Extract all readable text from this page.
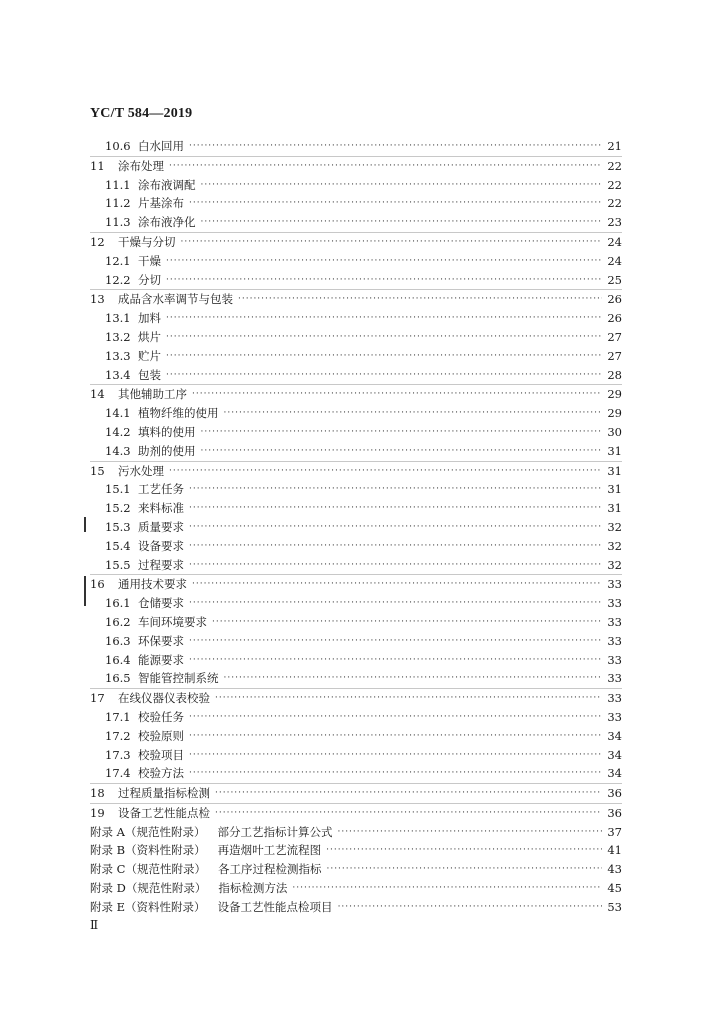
YC/T 584—2019
10.6 白水回用 ·····	21
11	涂布处理 ·····	22
11.1 涂布液调配 ·····	22
11.2 片基涂布 ·····	22
11.3 涂布液净化 ·····	23
12	干燥与分切 ·····	24
12.1 干燥 ·····	24
12.2 分切 ·····	25
13	成品含水率调节与包装 ·····	26
13.1 加料 ·····	26
13.2 烘片 ·····	27
13.3 贮片 ·····	27
13.4 包装 ·····	28
14	其他辅助工序 ·····	29
14.1 植物纤维的使用 ·····	29
14.2 填料的使用 ·····	30
14.3 助剂的使用 ·····	31
15	污水处理 ·····	31
15.1 工艺任务 ·····	31
15.2 来料标准 ·····	31
15.3 质量要求 ·····	32
15.4 设备要求 ·····	32
15.5 过程要求 ·····	32
16	通用技术要求 ·····	33
16.1 仓储要求 ·····	33
16.2 车间环境要求 ·····	33
16.3 环保要求 ·····	33
16.4 能源要求 ·····	33
16.5 智能管控制系统 ·····	33
17	在线仪器仪表校验 ·····	33
17.1 校验任务 ·····	33
17.2 校验原则 ·····	34
17.3 校验项目 ·····	34
17.4 校验方法 ·····	34
18	过程质量指标检测 ·····	36
19	设备工艺性能点检 ·····	36
附录 A（规范性附录） 部分工艺指标计算公式 ·····	37
附录 B（资料性附录） 再造烟叶工艺流程图 ·····	41
附录 C（规范性附录） 各工序过程检测指标 ·····	43
附录 D（规范性附录） 指标检测方法 ·····	45
附录 E（资料性附录） 设备工艺性能点检项目 ·····	53
Ⅱ
